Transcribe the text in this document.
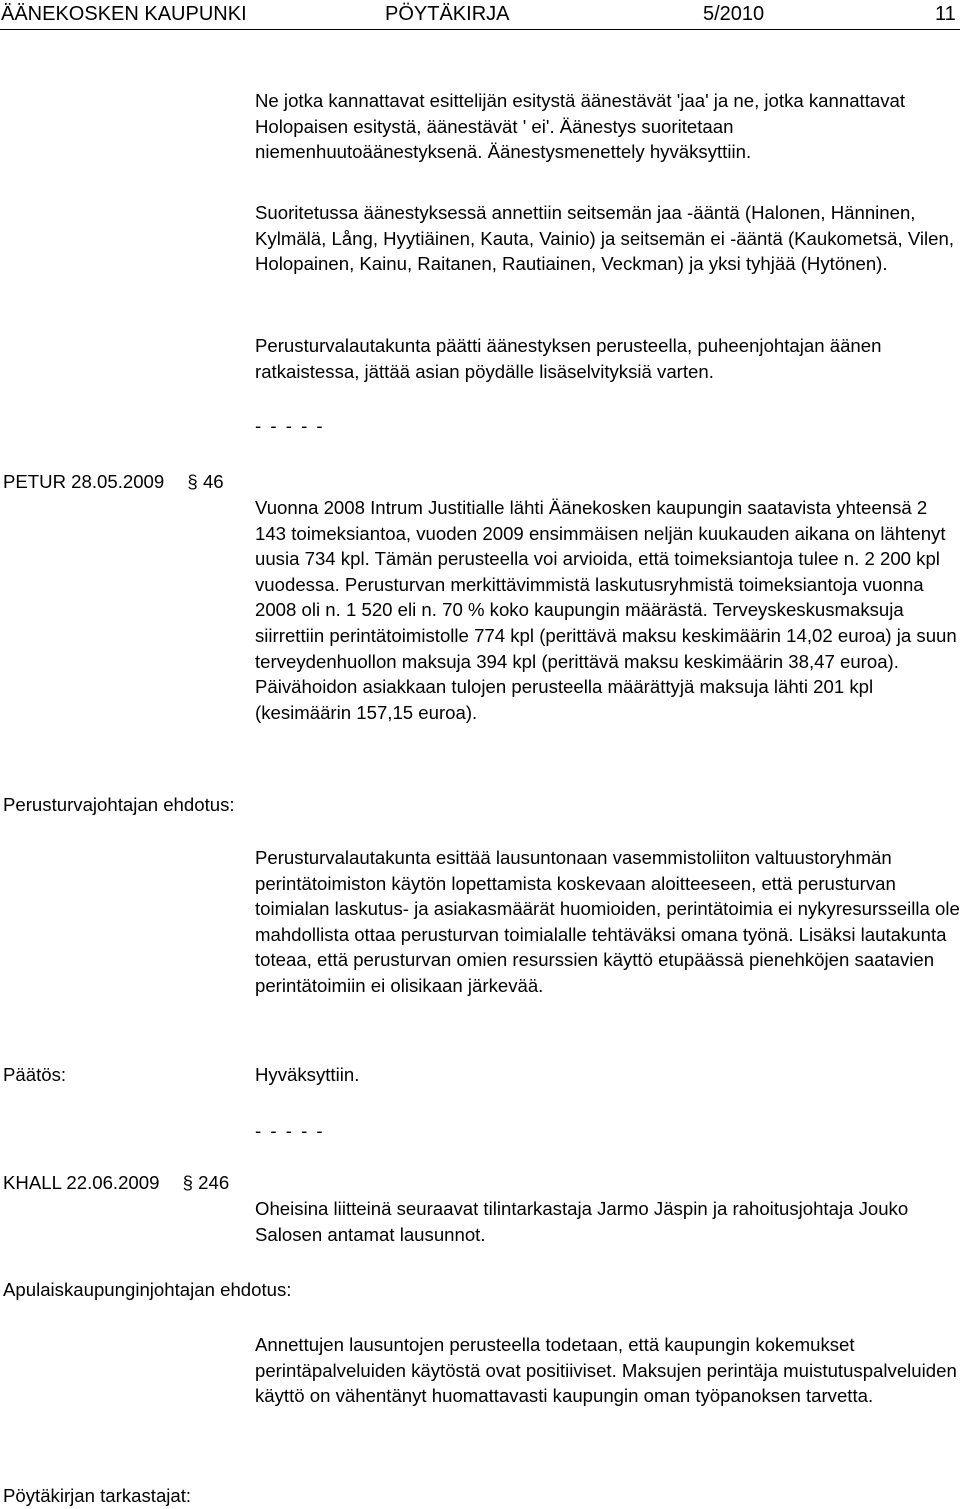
ÄÄNEKOSKEN KAUPUNKI	PÖYTÄKIRJA	5/2010	11

Ne jotka kannattavat esittelijän esitystä äänestävät 'jaa' ja ne, jotka kannattavat Holopaisen esitystä, äänestävät ' ei'. Äänestys suoritetaan niemenhuutoäänestyksenä. Äänestysmenettely hyväksyttiin.

Suoritetussa äänestyksessä annettiin seitsemän jaa -ääntä (Halonen, Hänninen, Kylmälä, Lång, Hyytiäinen, Kauta, Vainio) ja seitsemän ei -ääntä (Kaukometsä, Vilen, Holopainen, Kainu, Raitanen, Rautiainen, Veckman) ja yksi tyhjää (Hytönen).

Perusturvalautakunta päätti äänestyksen perusteella, puheenjohtajan äänen ratkaistessa, jättää asian pöydälle lisäselvityksiä varten.

- - - - -
PETUR 28.05.2009 § 46

Vuonna 2008 Intrum Justitialle lähti Äänekosken kaupungin saatavista yhteensä 2 143 toimeksiantoa, vuoden 2009 ensimmäisen neljän kuukauden aikana on lähtenyt uusia 734 kpl. Tämän perusteella voi arvioida, että toimeksiantoja tulee n. 2 200 kpl vuodessa. Perusturvan merkittävimmistä laskutusryhmistä toimeksiantoja vuonna 2008 oli n. 1 520 eli n. 70 % koko kaupungin määrästä. Terveyskeskusmaksuja siirrettiin perintätoimistolle 774 kpl (perittävä maksu keskimäärin 14,02 euroa) ja suun terveydenhuollon maksuja 394 kpl (perittävä maksu keskimäärin 38,47 euroa). Päivähoidon asiakkaan tulojen perusteella määrättyjä maksuja lähti 201 kpl (kesimäärin 157,15 euroa).

Perusturvajohtajan ehdotus:

Perusturvalautakunta esittää lausuntonaan vasemmistoliiton valtuustoryhmän perintätoimiston käytön lopettamista koskevaan aloitteeseen, että perusturvan toimialan laskutus- ja asiakasmäärät huomioiden, perintätoimia ei nykyresursseilla ole mahdollista ottaa perusturvan toimialalle tehtäväksi omana työnä. Lisäksi lautakunta toteaa, että perusturvan omien resurssien käyttö etupäässä pienehköjen saatavien perintätoimiin ei olisikaan järkevää.

Päätös:	Hyväksyttiin.

- - - - -
KHALL 22.06.2009 § 246

Oheisina liitteinä seuraavat tilintarkastaja Jarmo Jäspin ja rahoitusjohtaja Jouko Salosen antamat lausunnot.

Apulaiskaupunginjohtajan ehdotus:

Annettujen lausuntojen perusteella todetaan, että kaupungin kokemukset perintäpalveluiden käytöstä ovat positiiviset. Maksujen perintäja muistutuspalveluiden käyttö on vähentänyt huomattavasti kaupungin oman työpanoksen tarvetta.

Pöytäkirjan tarkastajat:
